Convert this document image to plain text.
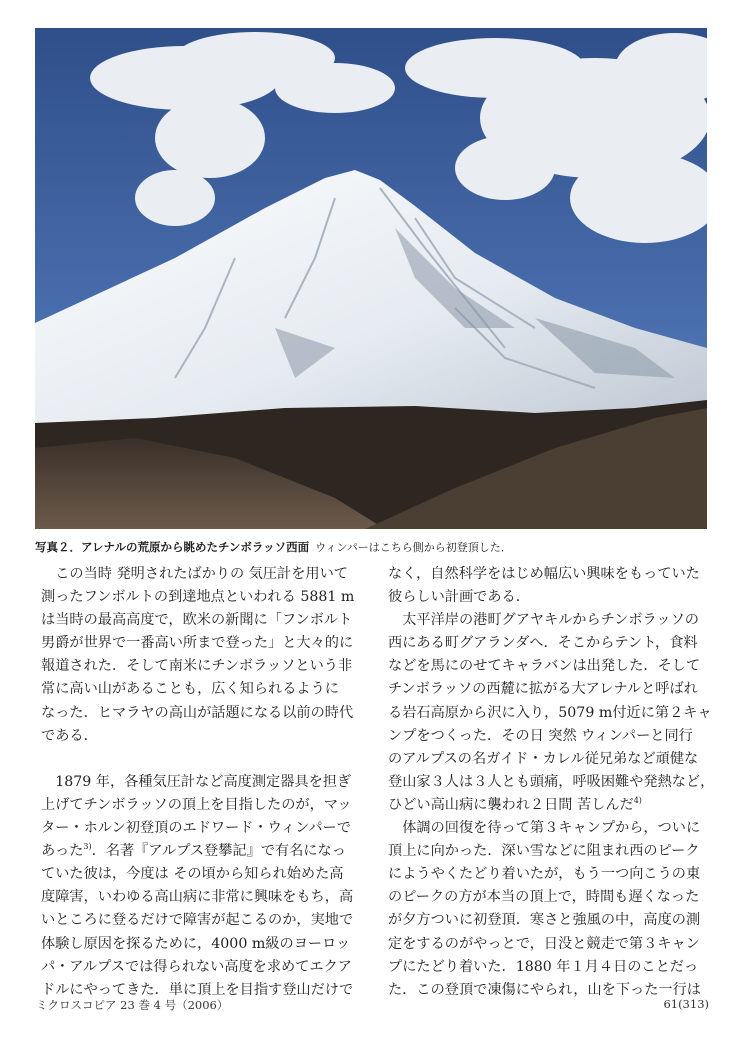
写真２．アレナルの荒原から眺めたチンボラッソ西面 ウィンパーはこちら側から初登頂した．

この当時 発明されたばかりの 気圧計を用いて

測ったフンボルトの到達地点といわれる 5881 m

は当時の最高高度で，欧米の新聞に「フンボルト

男爵が世界で一番高い所まで登った」と大々的に

報道された．そして南米にチンボラッソという非

常に高い山があることも，広く知られるように

なった．ヒマラヤの高山が話題になる以前の時代

である．

1879 年，各種気圧計など高度測定器具を担ぎ

上げてチンボラッソの頂上を目指したのが，マッ

ター・ホルン初登頂のエドワード・ウィンパーで

あった$^{3)}$．名著『アルプス登攀記』で有名になっ

ていた彼は，今度は その頃から知られ始めた高

度障害，いわゆる高山病に非常に興味をもち，高

いところに登るだけで障害が起こるのか，実地で

体験し原因を探るために，4000 m級のヨーロッ

パ・アルプスでは得られない高度を求めてエクア

ドルにやってきた．単に頂上を目指す登山だけで

なく，自然科学をはじめ幅広い興味をもっていた

彼らしい計画である．

太平洋岸の港町グアヤキルからチンボラッソの

西にある町グアランダへ．そこからテント，食料

などを馬にのせてキャラバンは出発した．そして

チンボラッソの西麓に拡がる大アレナルと呼ばれ

る岩石高原から沢に入り，5079 m付近に第２キャ

ンプをつくった．その日 突然 ウィンパーと同行

のアルプスの名ガイド・カレル従兄弟など頑健な

登山家３人は３人とも頭痛，呼吸困難や発熱など，

ひどい高山病に襲われ２日間 苦しんだ$^{4)}$

体調の回復を待って第３キャンプから，ついに

頂上に向かった．深い雪などに阻まれ西のピーク

にようやくたどり着いたが，もう一つ向こうの東

のピークの方が本当の頂上で，時間も遅くなった

が夕方ついに初登頂．寒さと強風の中，高度の測

定をするのがやっとで，日没と競走で第３キャン

プにたどり着いた．1880 年１月４日のことだっ

た．この登頂で凍傷にやられ，山を下った一行は

ミクロスコピア 23 巻 4 号（2006）	61(313)
